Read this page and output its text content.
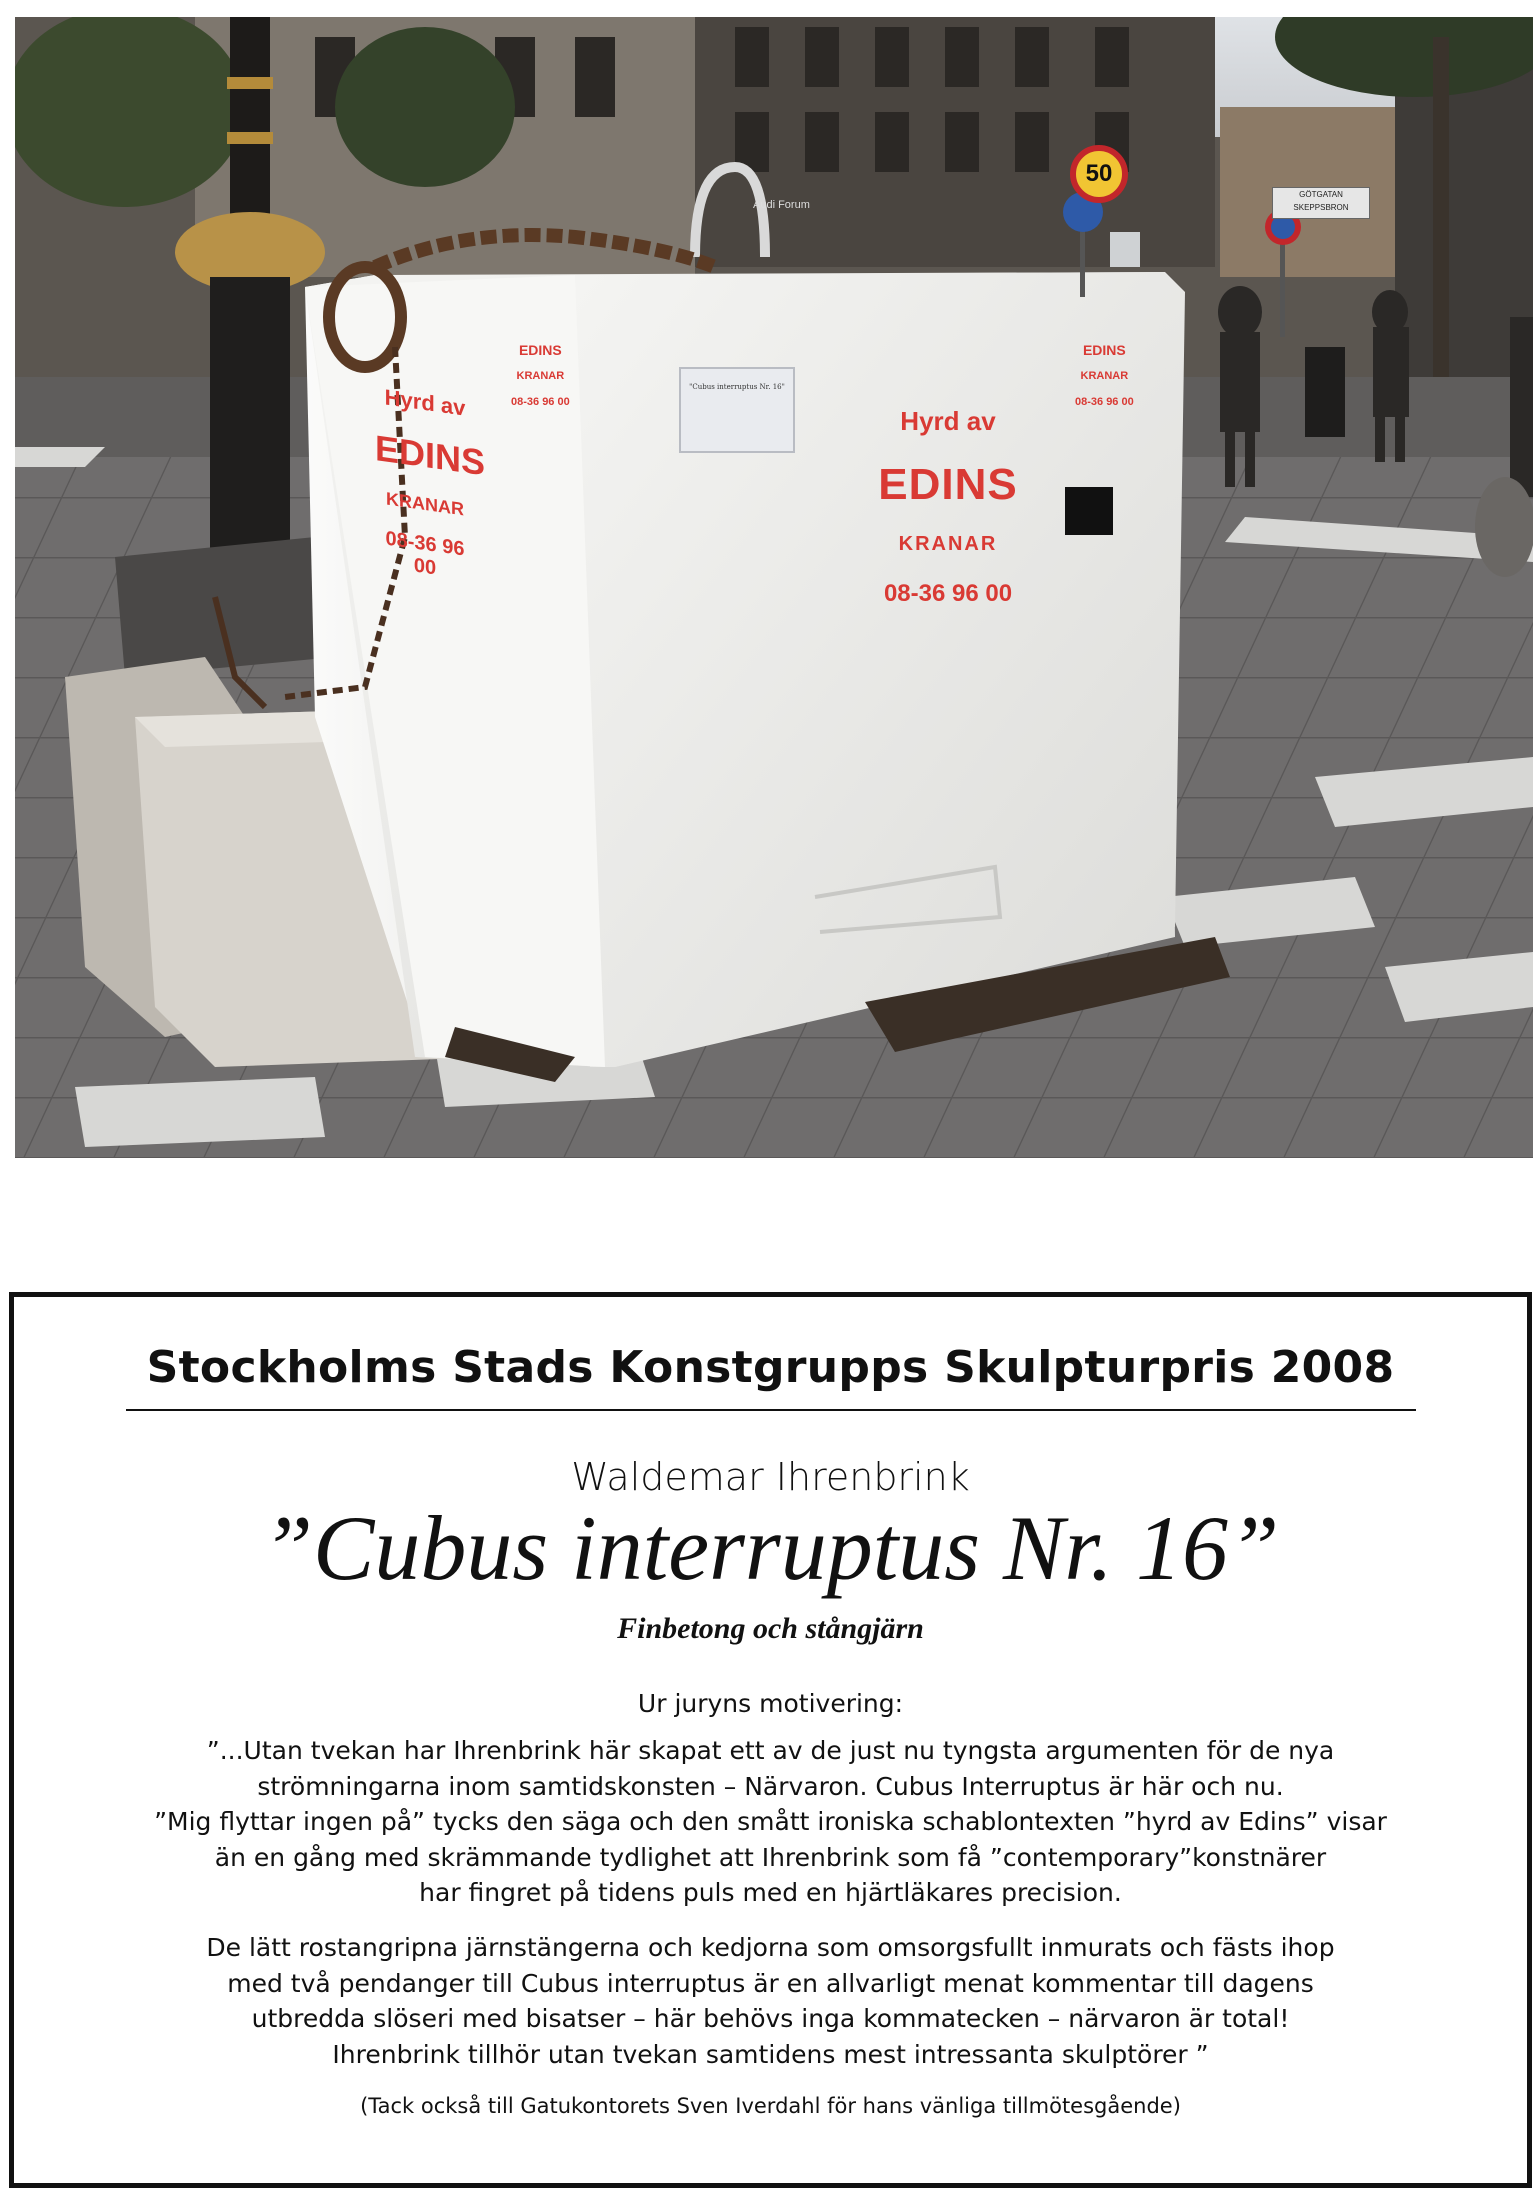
50
Audi Forum
GÖTGATAN
SKEPPSBRON
"Cubus interruptus Nr. 16"

Hyrd av

EDINS

KRANAR

08-36 96 00

EDINS

KRANAR

08-36 96 00

EDINS

KRANAR

08-36 96 00

Hyrd av

EDINS

KRANAR

08-36 96 00

Stockholms Stads Konstgrupps Skulpturpris 2008
Waldemar Ihrenbrink
”Cubus interruptus Nr. 16”
Finbetong och stångjärn
Ur juryns motivering:
”...Utan tvekan har Ihrenbrink här skapat ett av de just nu tyngsta argumenten för de nya
strömningarna inom samtidskonsten – Närvaron. Cubus Interruptus är här och nu.
”Mig flyttar ingen på” tycks den säga och den smått ironiska schablontexten ”hyrd av Edins” visar
än en gång med skrämmande tydlighet att Ihrenbrink som få ”contemporary”konstnärer
har fingret på tidens puls med en hjärtläkares precision.
De lätt rostangripna järnstängerna och kedjorna som omsorgsfullt inmurats och fästs ihop
med två pendanger till Cubus interruptus är en allvarligt menat kommentar till dagens
utbredda slöseri med bisatser – här behövs inga kommatecken – närvaron är total!
Ihrenbrink tillhör utan tvekan samtidens mest intressanta skulptörer ”
(Tack också till Gatukontorets Sven Iverdahl för hans vänliga tillmötesgående)
